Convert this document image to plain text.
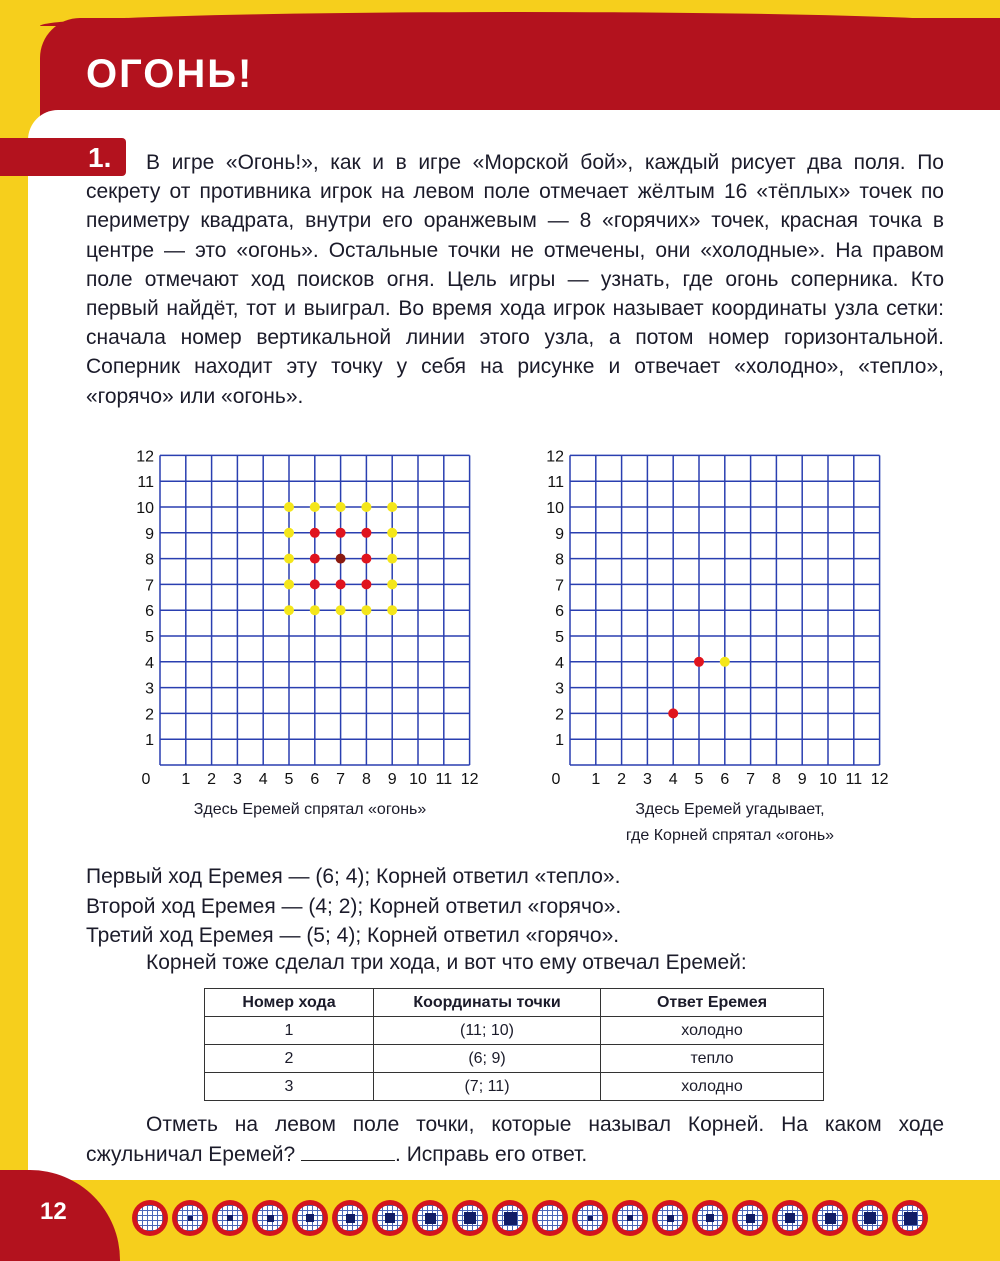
ОГОНЬ!
1.	В игре «Огонь!», как и в игре «Морской бой», каждый рисует два поля. По секрету от противника игрок на левом поле отмечает жёлтым 16 «тёплых» точек по периметру квадрата, внутри его оранжевым — 8 «горячих» точек, красная точка в центре — это «огонь». Остальные точки не отмечены, они «холодные». На правом поле отмечают ход поисков огня. Цель игры — узнать, где огонь соперника. Кто первый найдёт, тот и выиграл. Во время хода игрок называет координаты узла сетки: сначала номер вертикальной линии этого узла, а потом номер горизонтальной. Соперник находит эту точку у себя на рисунке и отвечает «холодно», «тепло», «горячо» или «огонь».

0 1
1
2
2
3
3
4
4
5
5
6
6
7
7
8
8
9
9
10
10
11
11
12
12
Здесь Еремей спрятал «огонь»
0 1
1
2
2
3
3
4
4
5
5
6
6
7
7
8
8
9
9
10
10
11
11
12
12
Здесь Еремей угадывает,
где Корней спрятал «огонь»
Первый ход Еремея — (6; 4); Корней ответил «тепло».
Второй ход Еремея — (4; 2); Корней ответил «горячо».
Третий ход Еремея — (5; 4); Корней ответил «горячо».
Корней тоже сделал три хода, и вот что ему отвечал Еремей:
Номер хода	Координаты точки	Ответ Еремея
1	(11; 10)	холодно
2	(6; 9)	тепло
3	(7; 11)	холодно

Отметь на левом поле точки, которые называл Корней. На каком ходе сжульничал Еремей?	. Исправь его ответ.

12
